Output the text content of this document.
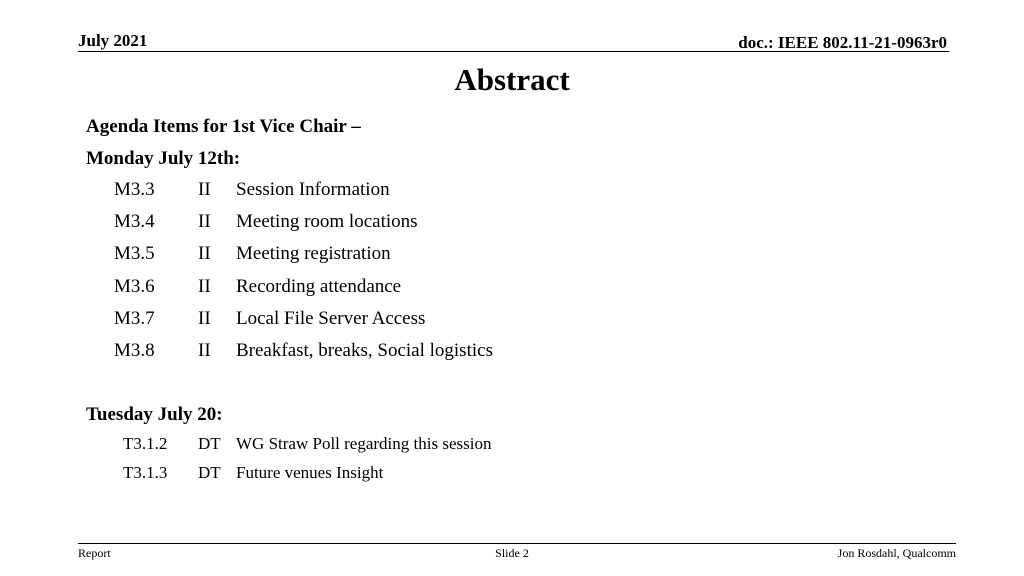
July 2021	doc.: IEEE 802.11-21-0963r0
Abstract
Agenda Items for 1st Vice Chair –
Monday July 12th:
M3.3 II Session Information
M3.4 II Meeting room locations
M3.5 II Meeting registration
M3.6 II Recording attendance
M3.7 II Local File Server Access
M3.8 II Breakfast, breaks, Social logistics
Tuesday July 20:
T3.1.2 DT WG Straw Poll regarding this session
T3.1.3 DT Future venues Insight
Report	Slide 2	Jon Rosdahl, Qualcomm
